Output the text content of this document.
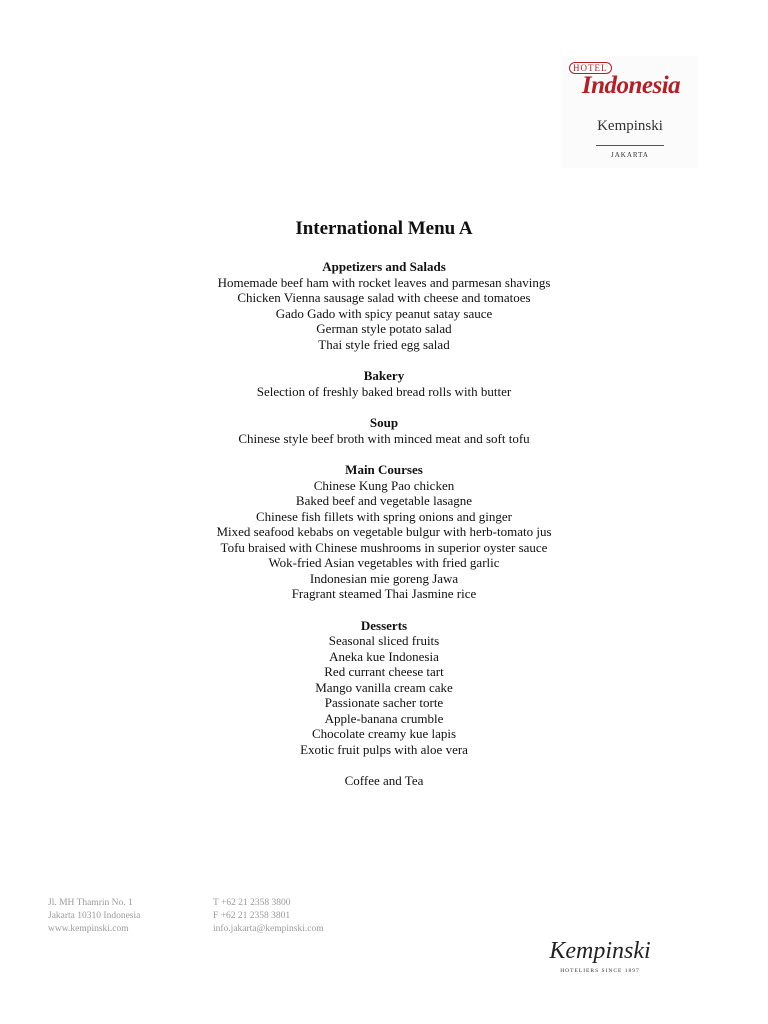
HOTEL
Indonesia
Kempinski
JAKARTA
International Menu A
Appetizers and Salads
Homemade beef ham with rocket leaves and parmesan shavings
Chicken Vienna sausage salad with cheese and tomatoes
Gado Gado with spicy peanut satay sauce
German style potato salad
Thai style fried egg salad
Bakery
Selection of freshly baked bread rolls with butter
Soup
Chinese style beef broth with minced meat and soft tofu
Main Courses
Chinese Kung Pao chicken
Baked beef and vegetable lasagne
Chinese fish fillets with spring onions and ginger
Mixed seafood kebabs on vegetable bulgur with herb-tomato jus
Tofu braised with Chinese mushrooms in superior oyster sauce
Wok-fried Asian vegetables with fried garlic
Indonesian mie goreng Jawa
Fragrant steamed Thai Jasmine rice
Desserts
Seasonal sliced fruits
Aneka kue Indonesia
Red currant cheese tart
Mango vanilla cream cake
Passionate sacher torte
Apple-banana crumble
Chocolate creamy kue lapis
Exotic fruit pulps with aloe vera
Coffee and Tea
Jl. MH Thamrin No. 1
Jakarta 10310 Indonesia
www.kempinski.com
T +62 21 2358 3800
F +62 21 2358 3801
info.jakarta@kempinski.com
Kempinski
HOTELIERS SINCE 1897
